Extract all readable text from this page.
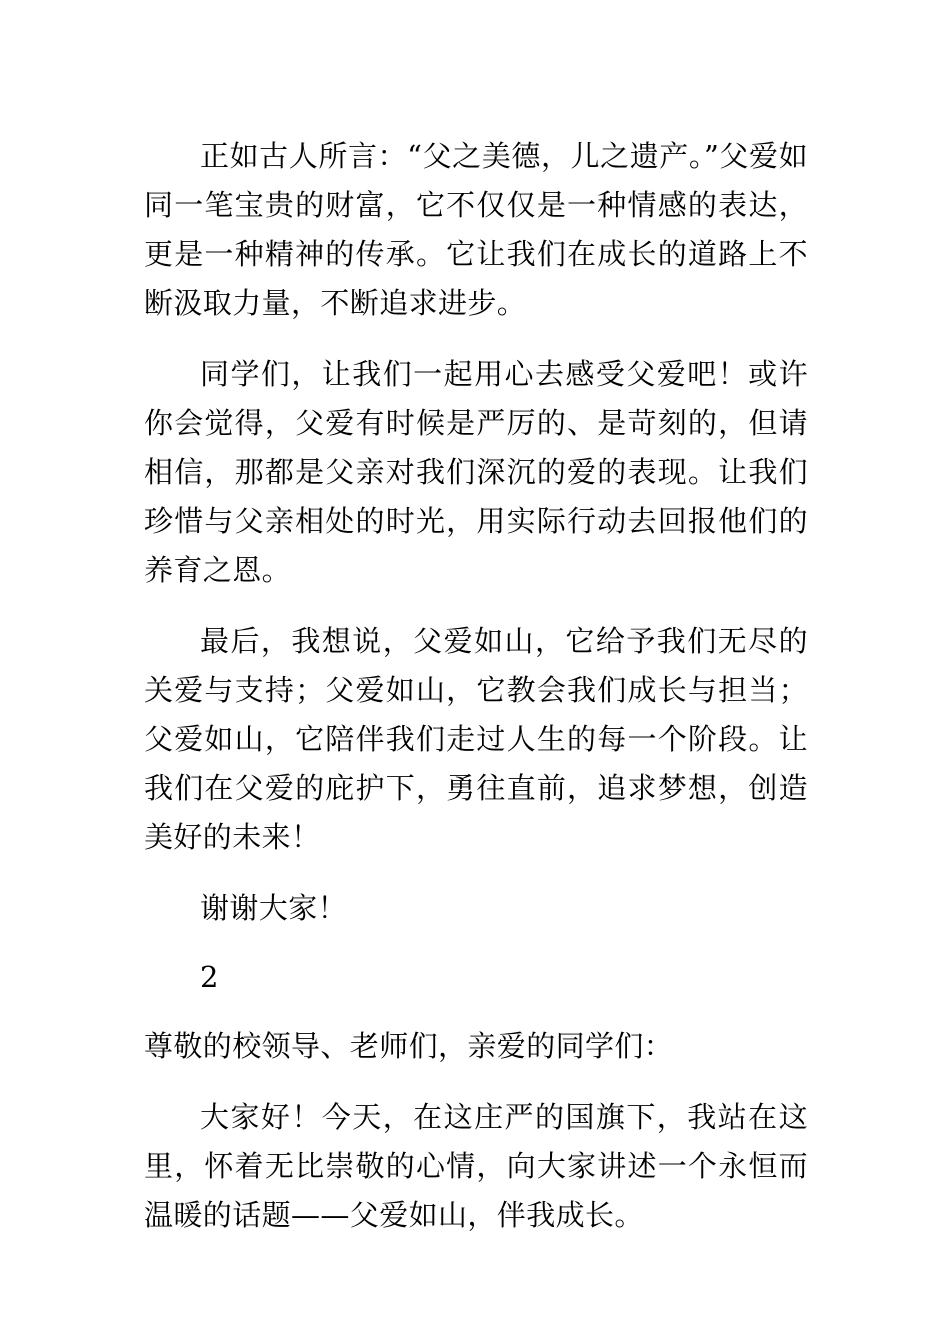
正如古人所言：“父之美德，儿之遗产。”父爱如同一笔宝贵的财富，它不仅仅是一种情感的表达，更是一种精神的传承。它让我们在成长的道路上不断汲取力量，不断追求进步。

同学们，让我们一起用心去感受父爱吧！或许你会觉得，父爱有时候是严厉的、是苛刻的，但请相信，那都是父亲对我们深沉的爱的表现。让我们珍惜与父亲相处的时光，用实际行动去回报他们的养育之恩。

最后，我想说，父爱如山，它给予我们无尽的关爱与支持；父爱如山，它教会我们成长与担当；父爱如山，它陪伴我们走过人生的每一个阶段。让我们在父爱的庇护下，勇往直前，追求梦想，创造美好的未来！

谢谢大家！

2

尊敬的校领导、老师们，亲爱的同学们：

大家好！今天，在这庄严的国旗下，我站在这里，怀着无比崇敬的心情，向大家讲述一个永恒而温暖的话题——父爱如山，伴我成长。
